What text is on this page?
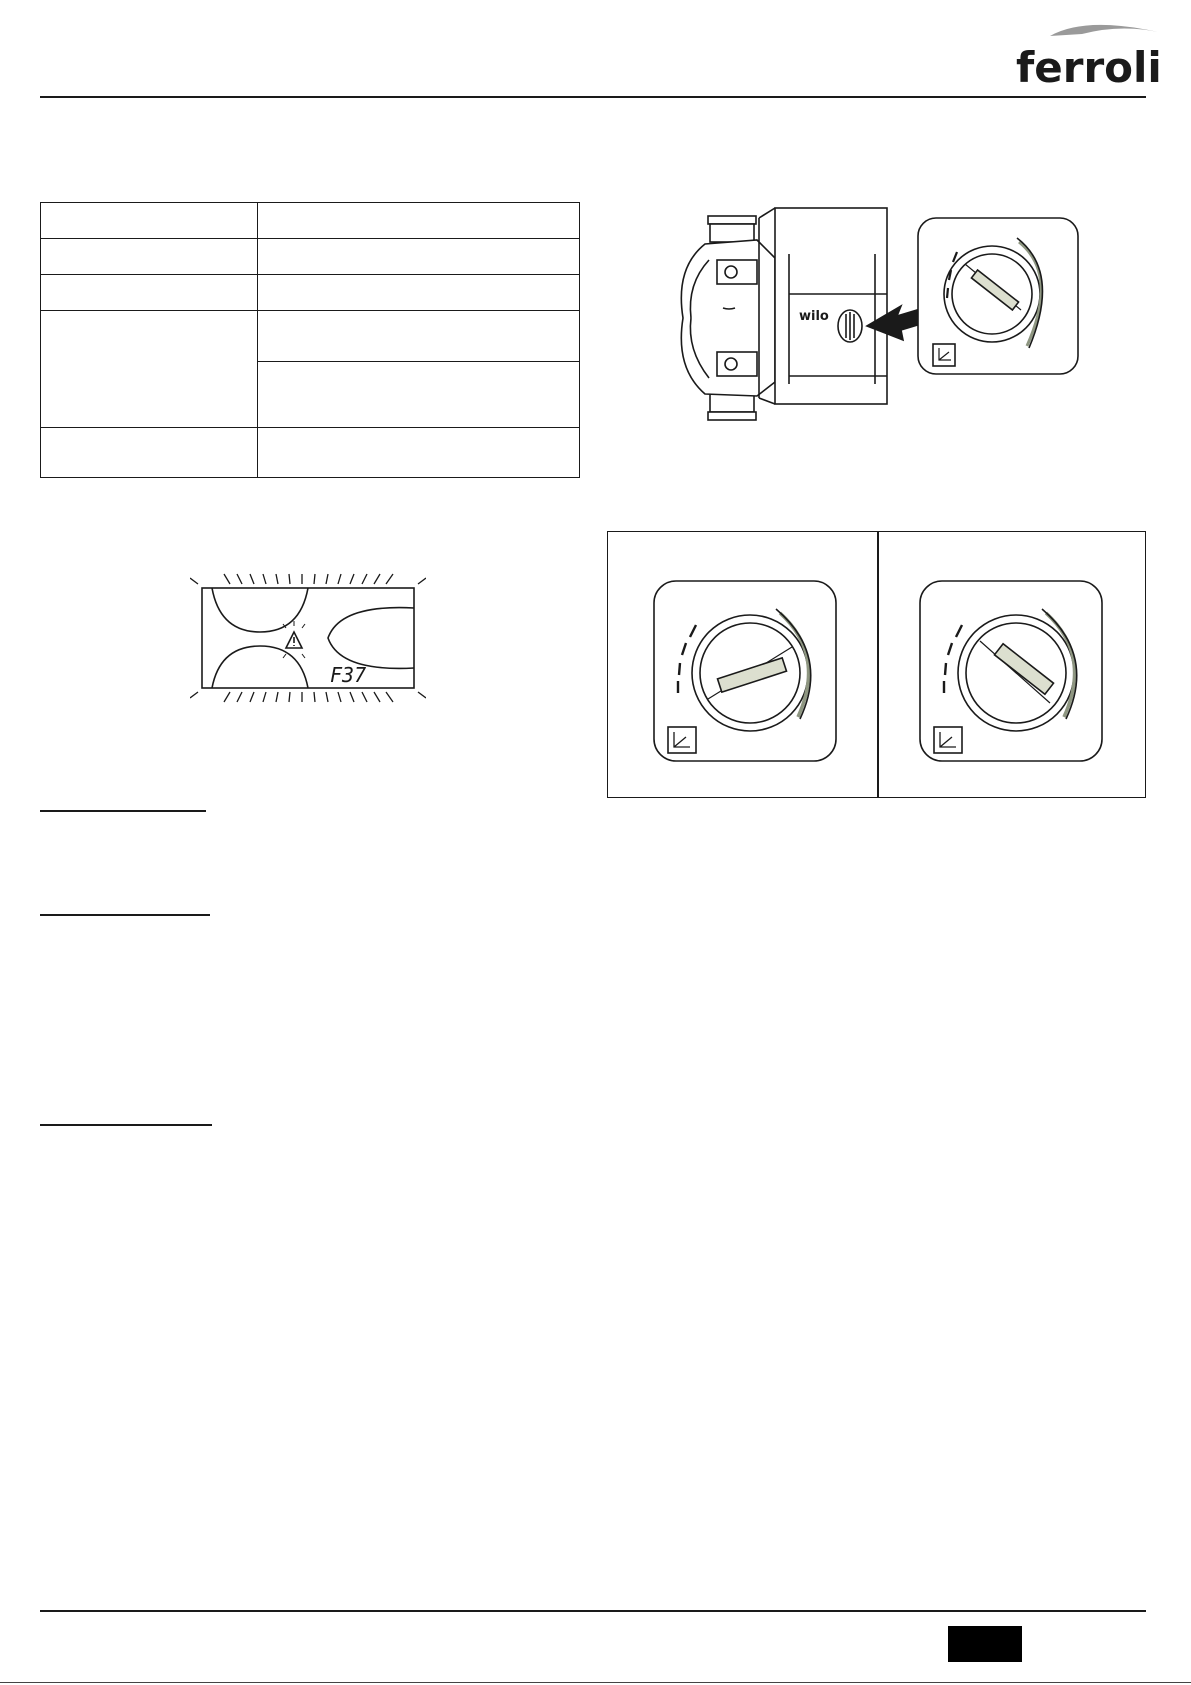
ferroli

wilo
F37
